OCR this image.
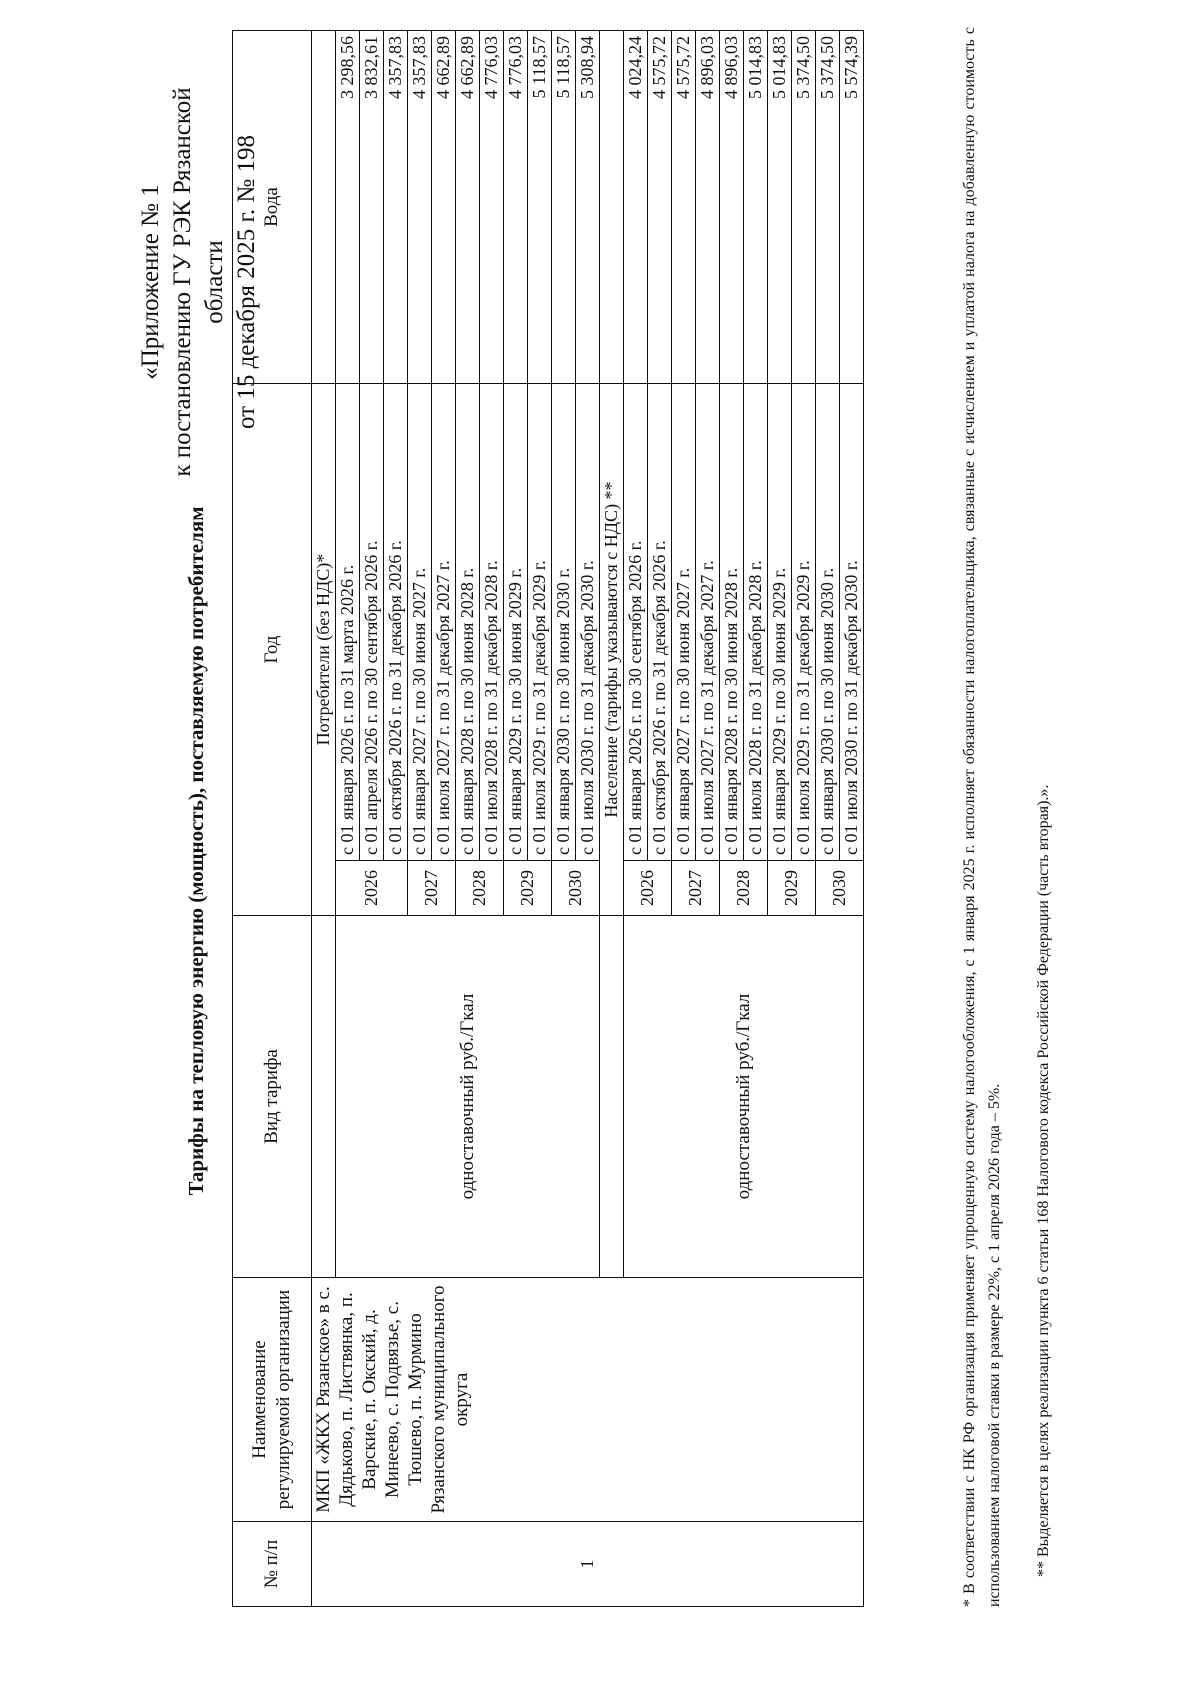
«Приложение № 1 к постановлению ГУ РЭК Рязанской области от 15 декабря 2025 г. № 198
Тарифы на тепловую энергию (мощность), поставляемую потребителям
№ п/п	Наименование регулируемой организации	Вид тарифа	Год		Вода
1	МКП «ЖКХ Рязанское» в с. Дядьково, п. Листвянка, п. Варские, п. Окский, д. Минеево, с. Подвязье, с. Тюшево, п. Мурмино Рязанского муниципального округа		Потребители (без НДС)*		
		одноставочный руб./Гкал	2026	с 01 января 2026 г. по 31 марта 2026 г.	3 298,56
				с 01 апреля 2026 г. по 30 сентября 2026 г.	3 832,61
				с 01 октября 2026 г. по 31 декабря 2026 г.	4 357,83
			2027	с 01 января 2027 г. по 30 июня 2027 г.	4 357,83
				с 01 июля 2027 г. по 31 декабря 2027 г.	4 662,89
			2028	с 01 января 2028 г. по 30 июня 2028 г.	4 662,89
				с 01 июля 2028 г. по 31 декабря 2028 г.	4 776,03
			2029	с 01 января 2029 г. по 30 июня 2029 г.	4 776,03
				с 01 июля 2029 г. по 31 декабря 2029 г.	5 118,57
			2030	с 01 января 2030 г. по 30 июня 2030 г.	5 118,57
				с 01 июля 2030 г. по 31 декабря 2030 г.	5 308,94
			Население (тарифы указываются с НДС) **		
		одноставочный руб./Гкал	2026	с 01 января 2026 г. по 30 сентября 2026 г.	4 024,24
				с 01 октября 2026 г. по 31 декабря 2026 г.	4 575,72
			2027	с 01 января 2027 г. по 30 июня 2027 г.	4 575,72
				с 01 июля 2027 г. по 31 декабря 2027 г.	4 896,03
			2028	с 01 января 2028 г. по 30 июня 2028 г.	4 896,03
				с 01 июля 2028 г. по 31 декабря 2028 г.	5 014,83
			2029	с 01 января 2029 г. по 30 июня 2029 г.	5 014,83
				с 01 июля 2029 г. по 31 декабря 2029 г.	5 374,50
			2030	с 01 января 2030 г. по 30 июня 2030 г.	5 374,50
				с 01 июля 2030 г. по 31 декабря 2030 г.	5 574,39	* В соответствии с НК РФ организация применяет упрощенную систему налогообложения, с 1 января 2025 г. исполняет обязанности налогоплательщика, связанные с исчислением и уплатой налога на добавленную стоимость с использованием налоговой ставки в размере 22%, с 1 апреля 2026 года – 5%. ** Выделяется в целях реализации пункта 6 статьи 168 Налогового кодекса Российской Федерации (часть вторая).».
